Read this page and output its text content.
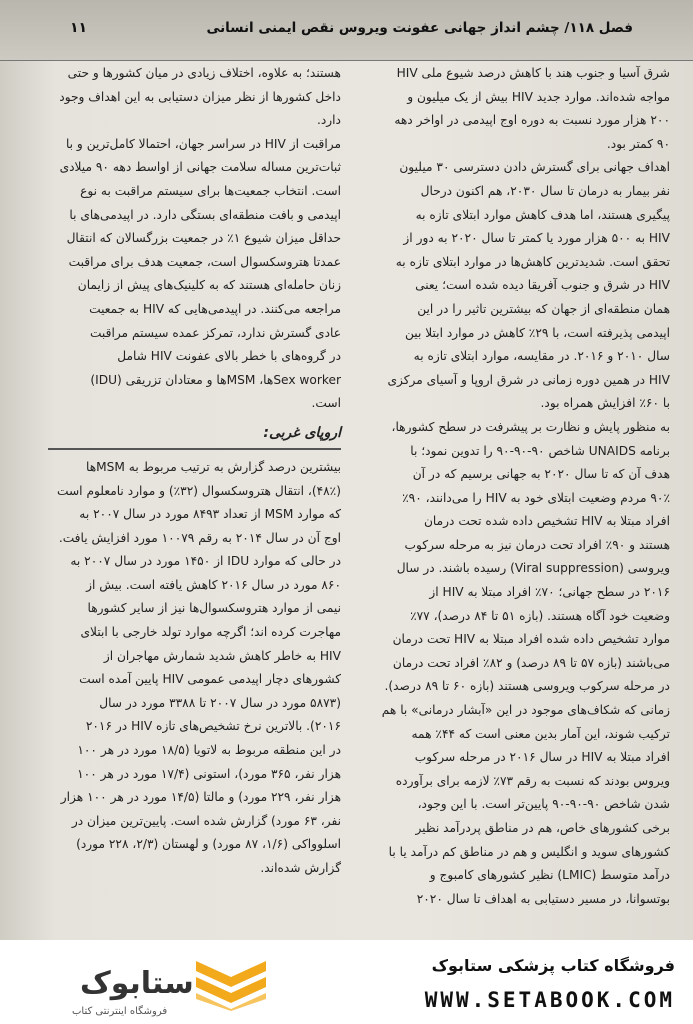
فصل ۱۱۸/ چشم انداز جهانی عفونت ویروس نقص ایمنی انسانی
۱۱
شرق آسیا و جنوب هند با کاهش درصد شیوع ملی HIV
مواجه شده‌اند. موارد جدید HIV بیش از یک میلیون و
۲۰۰ هزار مورد نسبت به دوره اوج اپیدمی در اواخر دهه
۹۰ کمتر بود.
اهداف جهانی برای گسترش دادن دسترسی ۳۰ میلیون
نفر بیمار به درمان تا سال ۲۰۳۰، هم اکنون درحال
پیگیری هستند، اما هدف کاهش موارد ابتلای تازه به
HIV به ۵۰۰ هزار مورد یا کمتر تا سال ۲۰۲۰ به دور از
تحقق است. شدیدترین کاهش‌ها در موارد ابتلای تازه به
HIV در شرق و جنوب آفریقا دیده شده است؛ یعنی
همان منطقه‌ای از جهان که بیشترین تاثیر را در این
اپیدمی پذیرفته است، با ۲۹٪ کاهش در موارد ابتلا بین
سال ۲۰۱۰ و ۲۰۱۶. در مقایسه، موارد ابتلای تازه به
HIV در همین دوره زمانی در شرق اروپا و آسیای مرکزی
با ۶۰٪ افزایش همراه بود.
به منظور پایش و نظارت بر پیشرفت در سطح کشورها،
برنامه UNAIDS شاخص ۹۰-۹۰-۹۰ را تدوین نمود؛ با
هدف آن که تا سال ۲۰۲۰ به جهانی برسیم که در آن
۹۰٪ مردم وضعیت ابتلای خود به HIV را می‌دانند، ۹۰٪
افراد مبتلا به HIV تشخیص داده شده تحت درمان
هستند و ۹۰٪ افراد تحت درمان نیز به مرحله سرکوب
ویروسی (Viral suppression) رسیده باشند. در سال
۲۰۱۶ در سطح جهانی؛ ۷۰٪ افراد مبتلا به HIV از
وضعیت خود آگاه هستند. (بازه ۵۱ تا ۸۴ درصد)، ۷۷٪
موارد تشخیص داده شده افراد مبتلا به HIV تحت درمان
می‌باشند (بازه ۵۷ تا ۸۹ درصد) و ۸۲٪ افراد تحت درمان
در مرحله سرکوب ویروسی هستند (بازه ۶۰ تا ۸۹ درصد).
زمانی که شکاف‌های موجود در این «آبشار درمانی» با هم
ترکیب شوند، این آمار بدین معنی است که ۴۴٪ همه
افراد مبتلا به HIV در سال ۲۰۱۶ در مرحله سرکوب
ویروس بودند که نسبت به رقم ۷۳٪ لازمه برای برآورده
شدن شاخص ۹۰-۹۰-۹۰ پایین‌تر است. با این وجود،
برخی کشورهای خاص، هم در مناطق پردرآمد نظیر
کشورهای سوید و انگلیس و هم در مناطق کم درآمد یا با
درآمد متوسط (LMIC) نظیر کشورهای کامبوج و
بوتسوانا، در مسیر دستیابی به اهداف تا سال ۲۰۲۰
هستند؛ به علاوه، اختلاف زیادی در میان کشورها و حتی
داخل کشورها از نظر میزان دستیابی به این اهداف وجود
دارد.
مراقبت از HIV در سراسر جهان، احتمالا کامل‌ترین و با
ثبات‌ترین مساله سلامت جهانی از اواسط دهه ۹۰ میلادی
است. انتخاب جمعیت‌ها برای سیستم مراقبت به نوع
اپیدمی و بافت منطقه‌ای بستگی دارد. در اپیدمی‌های با
حداقل میزان شیوع ۱٪ در جمعیت بزرگسالان که انتقال
عمدتا هتروسکسوال است، جمعیت هدف برای مراقبت
زنان حامله‌ای هستند که به کلینیک‌های پیش از زایمان
مراجعه می‌کنند. در اپیدمی‌هایی که HIV به جمعیت
عادی گسترش ندارد، تمرکز عمده سیستم مراقبت
در گروه‌های با خطر بالای عفونت HIV شامل
Sex workerها، MSMها و معتادان تزریقی (IDU)
است.
اروپای غربی:
بیشترین درصد گزارش به ترتیب مربوط به MSMها
(۴۸٪)، انتقال هتروسکسوال (۳۲٪) و موارد نامعلوم است
که موارد MSM از تعداد ۸۴۹۳ مورد در سال ۲۰۰۷ به
اوج آن در سال ۲۰۱۴ به رقم ۱۰۰۷۹ مورد افزایش یافت.
در حالی که موارد IDU از ۱۴۵۰ مورد در سال ۲۰۰۷ به
۸۶۰ مورد در سال ۲۰۱۶ کاهش یافته است. بیش از
نیمی از موارد هتروسکسوال‌ها نیز از سایر کشورها
مهاجرت کرده اند؛ اگرچه موارد تولد خارجی با ابتلای
HIV به خاطر کاهش شدید شمارش مهاجران از
کشورهای دچار اپیدمی عمومی HIV پایین آمده است
(۵۸۷۳ مورد در سال ۲۰۰۷ تا ۳۳۸۸ مورد در سال
۲۰۱۶). بالاترین نرخ تشخیص‌های تازه HIV در ۲۰۱۶
در این منطقه مربوط به لاتویا (۱۸/۵ مورد در هر ۱۰۰
هزار نفر، ۳۶۵ مورد)، استونی (۱۷/۴ مورد در هر ۱۰۰
هزار نفر، ۲۲۹ مورد) و مالتا (۱۴/۵ مورد در هر ۱۰۰ هزار
نفر، ۶۳ مورد) گزارش شده است. پایین‌ترین میزان در
اسلوواکی (۱/۶، ۸۷ مورد) و لهستان (۲/۳، ۲۲۸ مورد)
گزارش شده‌اند.
ستابوک
فروشگاه اینترنتی کتاب
فروشگاه کتاب پزشکی ستابوک
WWW.SETABOOK.COM
